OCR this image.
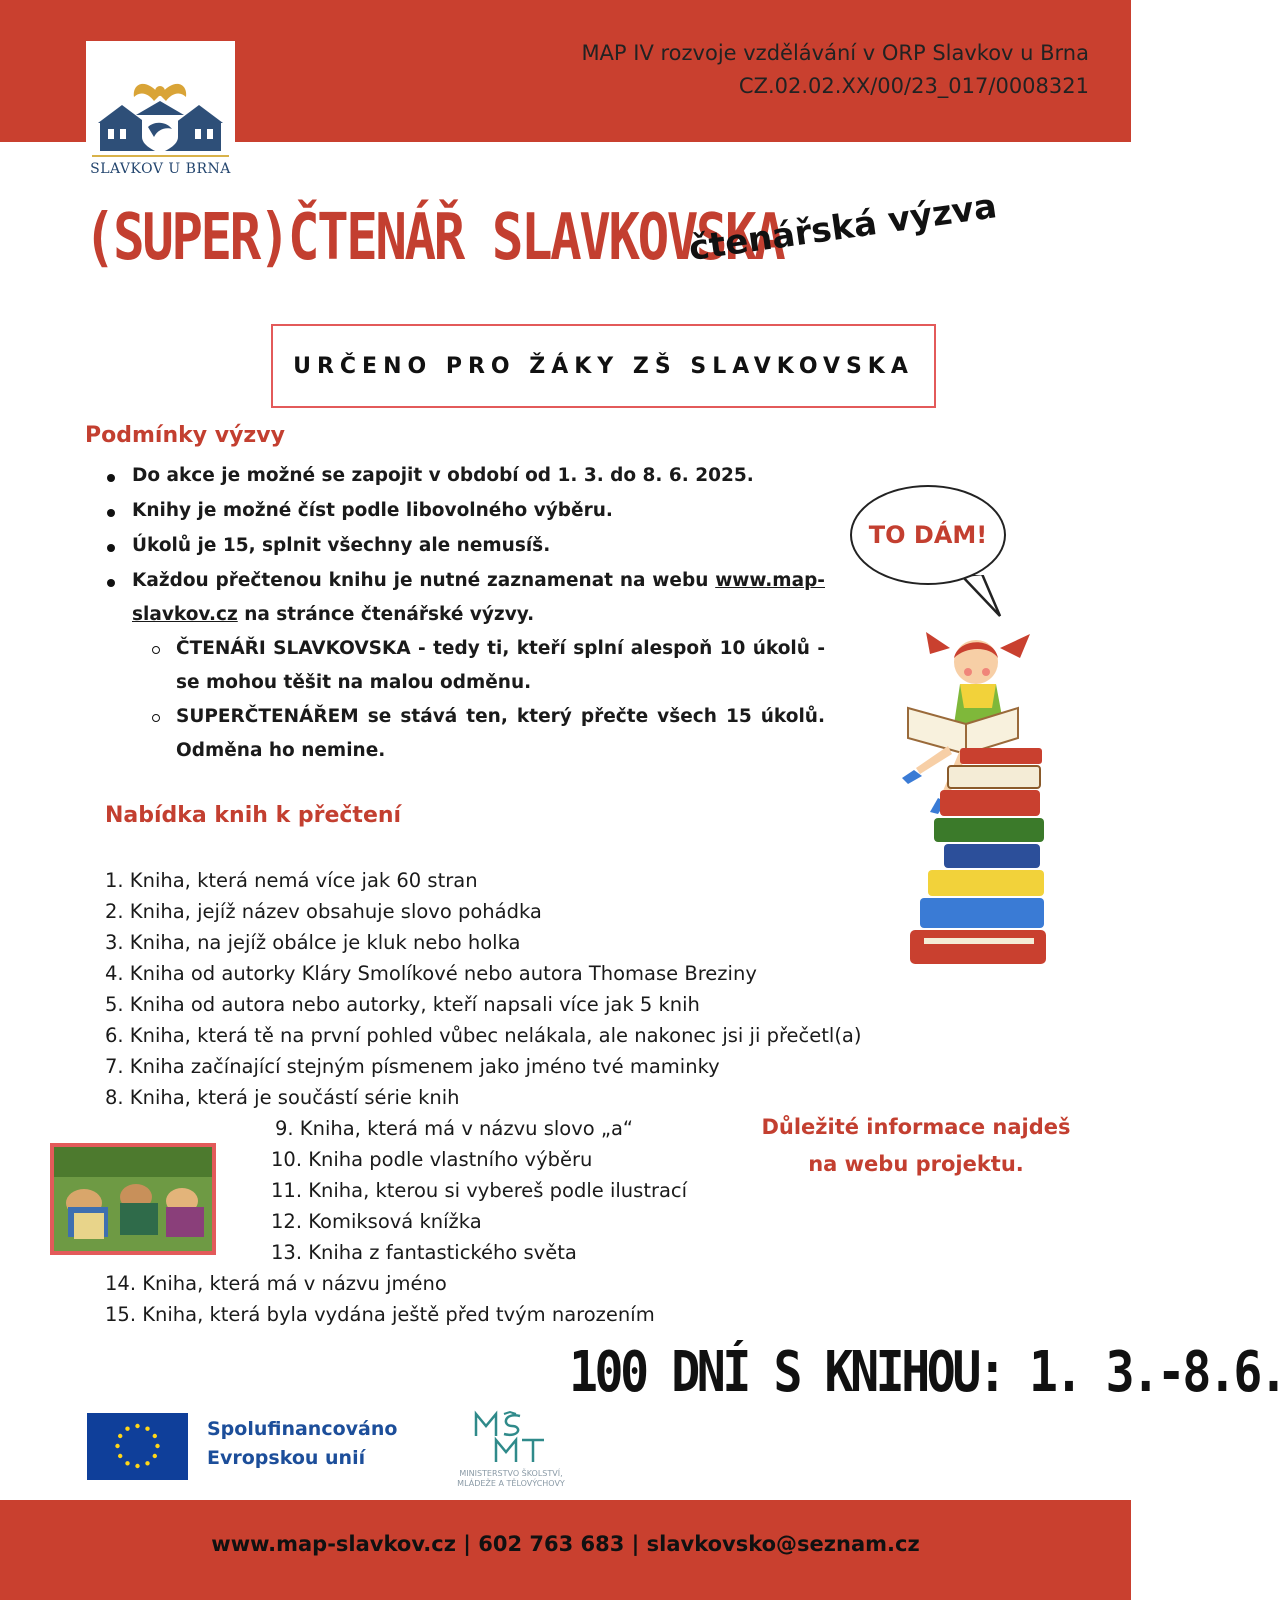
SLAVKOV U BRNA
MAP IV rozvoje vzdělávání v ORP Slavkov u Brna
CZ.02.02.XX/00/23_017/0008321
(SUPER)ČTENÁŘ SLAVKOVSKA
čtenářská výzva
URČENO PRO ŽÁKY ZŠ SLAVKOVSKA
Podmínky výzvy
Do akce je možné se zapojit v období od 1. 3. do 8. 6. 2025.
Knihy je možné číst podle libovolného výběru.
Úkolů je 15, splnit všechny ale nemusíš.
Každou přečtenou knihu je nutné zaznamenat na webu www.map-slavkov.cz na stránce čtenářské výzvy.
ČTENÁŘI SLAVKOVSKA - tedy ti, kteří splní alespoň 10 úkolů - se mohou těšit na malou odměnu.
SUPERČTENÁŘEM se stává ten, který přečte všech 15 úkolů. Odměna ho nemine.
TO DÁM!
Nabídka knih k přečtení
1. Kniha, která nemá více jak 60 stran
2. Kniha, jejíž název obsahuje slovo pohádka
3. Kniha, na jejíž obálce je kluk nebo holka
4. Kniha od autorky Kláry Smolíkové nebo autora Thomase Breziny
5. Kniha od autora nebo autorky, kteří napsali více jak 5 knih
6. Kniha, která tě na první pohled vůbec nelákala, ale nakonec jsi ji přečetl(a)
7. Kniha začínající stejným písmenem jako jméno tvé maminky
8. Kniha, která je součástí série knih
9. Kniha, která má v názvu slovo „a“
10. Kniha podle vlastního výběru
11. Kniha, kterou si vybereš podle ilustrací
12. Komiksová knížka
13. Kniha z fantastického světa
14. Kniha, která má v názvu jméno
15. Kniha, která byla vydána ještě před tvým narozením
Důležité informace najdeš na webu projektu.
100 DNÍ S KNIHOU: 1. 3.-8.6.
Spolufinancováno
Evropskou unií
MINISTERSTVO ŠKOLSTVÍ,
MLÁDEŽE A TĚLOVÝCHOVY
www.map-slavkov.cz | 602 763 683 | slavkovsko@seznam.cz
